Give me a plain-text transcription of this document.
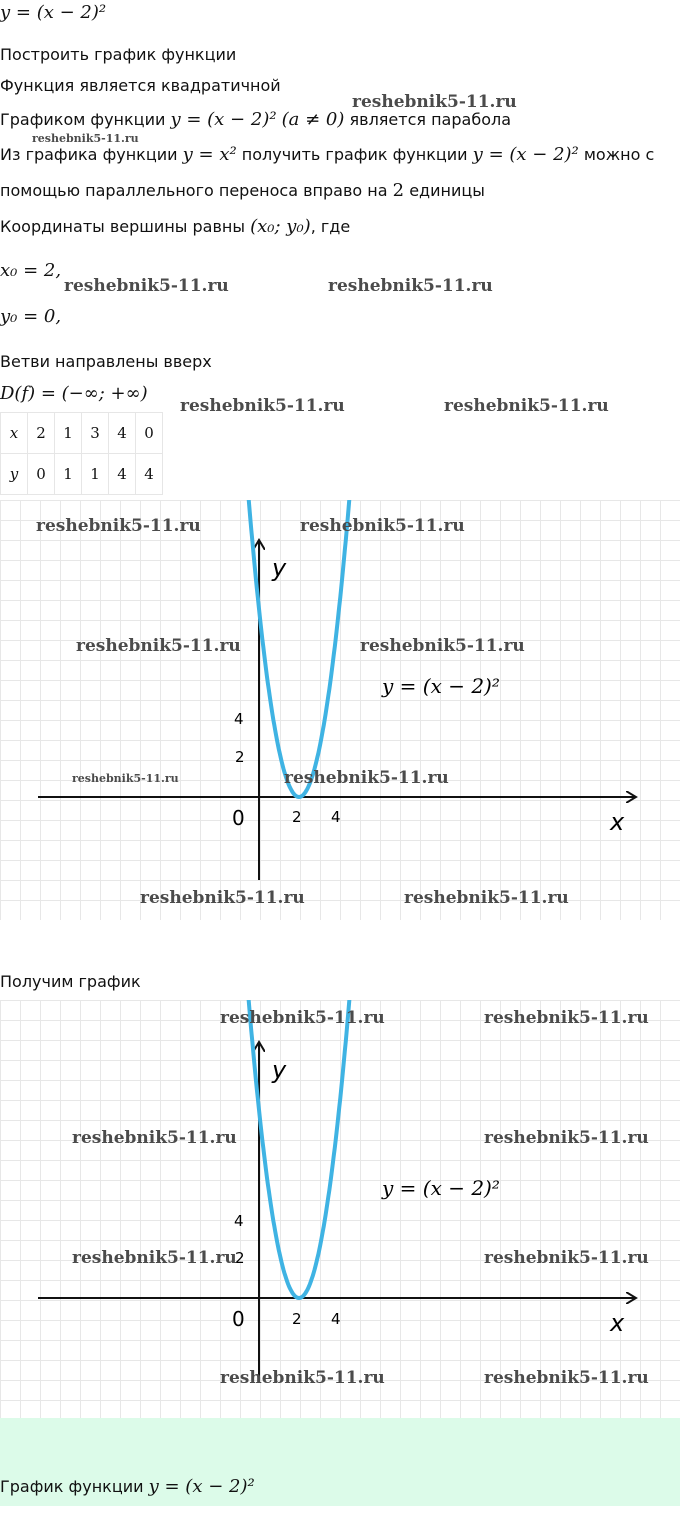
y = (x − 2)²
Построить график функции
Функция является квадратичной
Графиком функции y = (x − 2)² (a ≠ 0) является парабола
Из графика функции y = x² получить график функции y = (x − 2)² можно с
помощью параллельного переноса вправо на 2 единицы
Координаты вершины равны (x₀; y₀), где
x₀ = 2,
y₀ = 0,
Ветви направлены вверх
D(f) = (−∞; +∞)
x	2	1	3	4	0
y	0	1	1	4	4
y
x
0	2 4
4
2
y = (x − 2)²
Получим график
y
x
0	2 4
4
2
y = (x − 2)²
График функции y = (x − 2)²
reshebnik5-11.ru
reshebnik5-11.ru
reshebnik5-11.ru	reshebnik5-11.ru
reshebnik5-11.ru	reshebnik5-11.ru
reshebnik5-11.ru	reshebnik5-11.ru
reshebnik5-11.ru	reshebnik5-11.ru
reshebnik5-11.ru	reshebnik5-11.ru
reshebnik5-11.ru	reshebnik5-11.ru
reshebnik5-11.ru	reshebnik5-11.ru
reshebnik5-11.ru	reshebnik5-11.ru
reshebnik5-11.ru	reshebnik5-11.ru
reshebnik5-11.ru	reshebnik5-11.ru
